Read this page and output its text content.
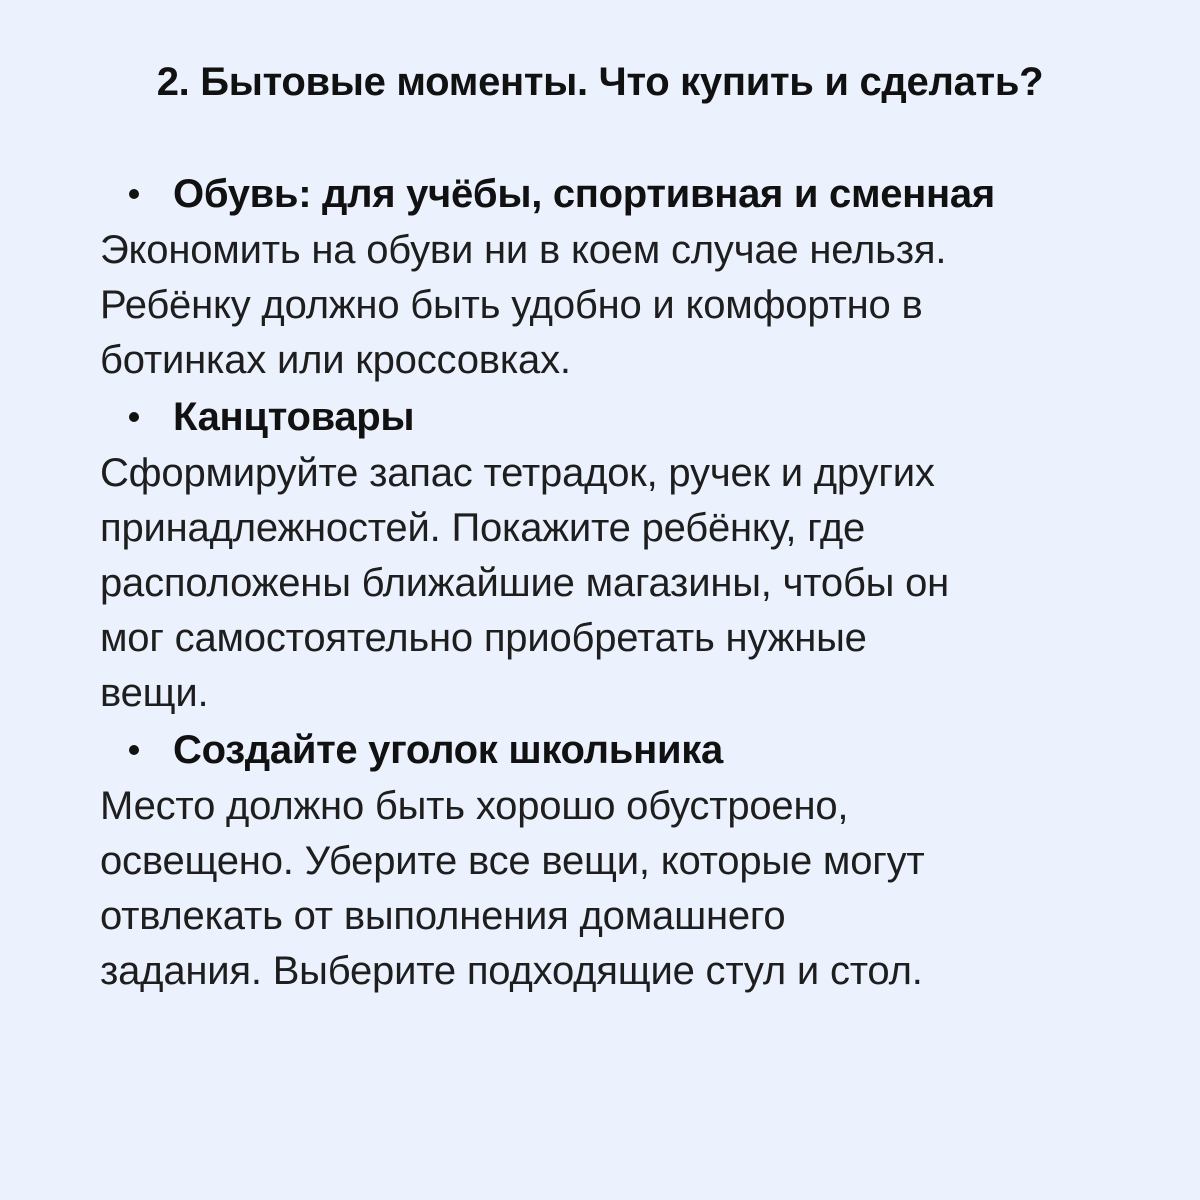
2. Бытовые моменты. Что купить и сделать?
Обувь: для учёбы, спортивная и сменная

Экономить на обуви ни в коем случае нельзя.
Ребёнку должно быть удобно и комфортно в
ботинках или кроссовках.

Канцтовары

Сформируйте запас тетрадок, ручек и других
принадлежностей. Покажите ребёнку, где
расположены ближайшие магазины, чтобы он
мог самостоятельно приобретать нужные
вещи.

Создайте уголок школьника

Место должно быть хорошо обустроено,
освещено. Уберите все вещи, которые могут
отвлекать от выполнения домашнего
задания. Выберите подходящие стул и стол.
